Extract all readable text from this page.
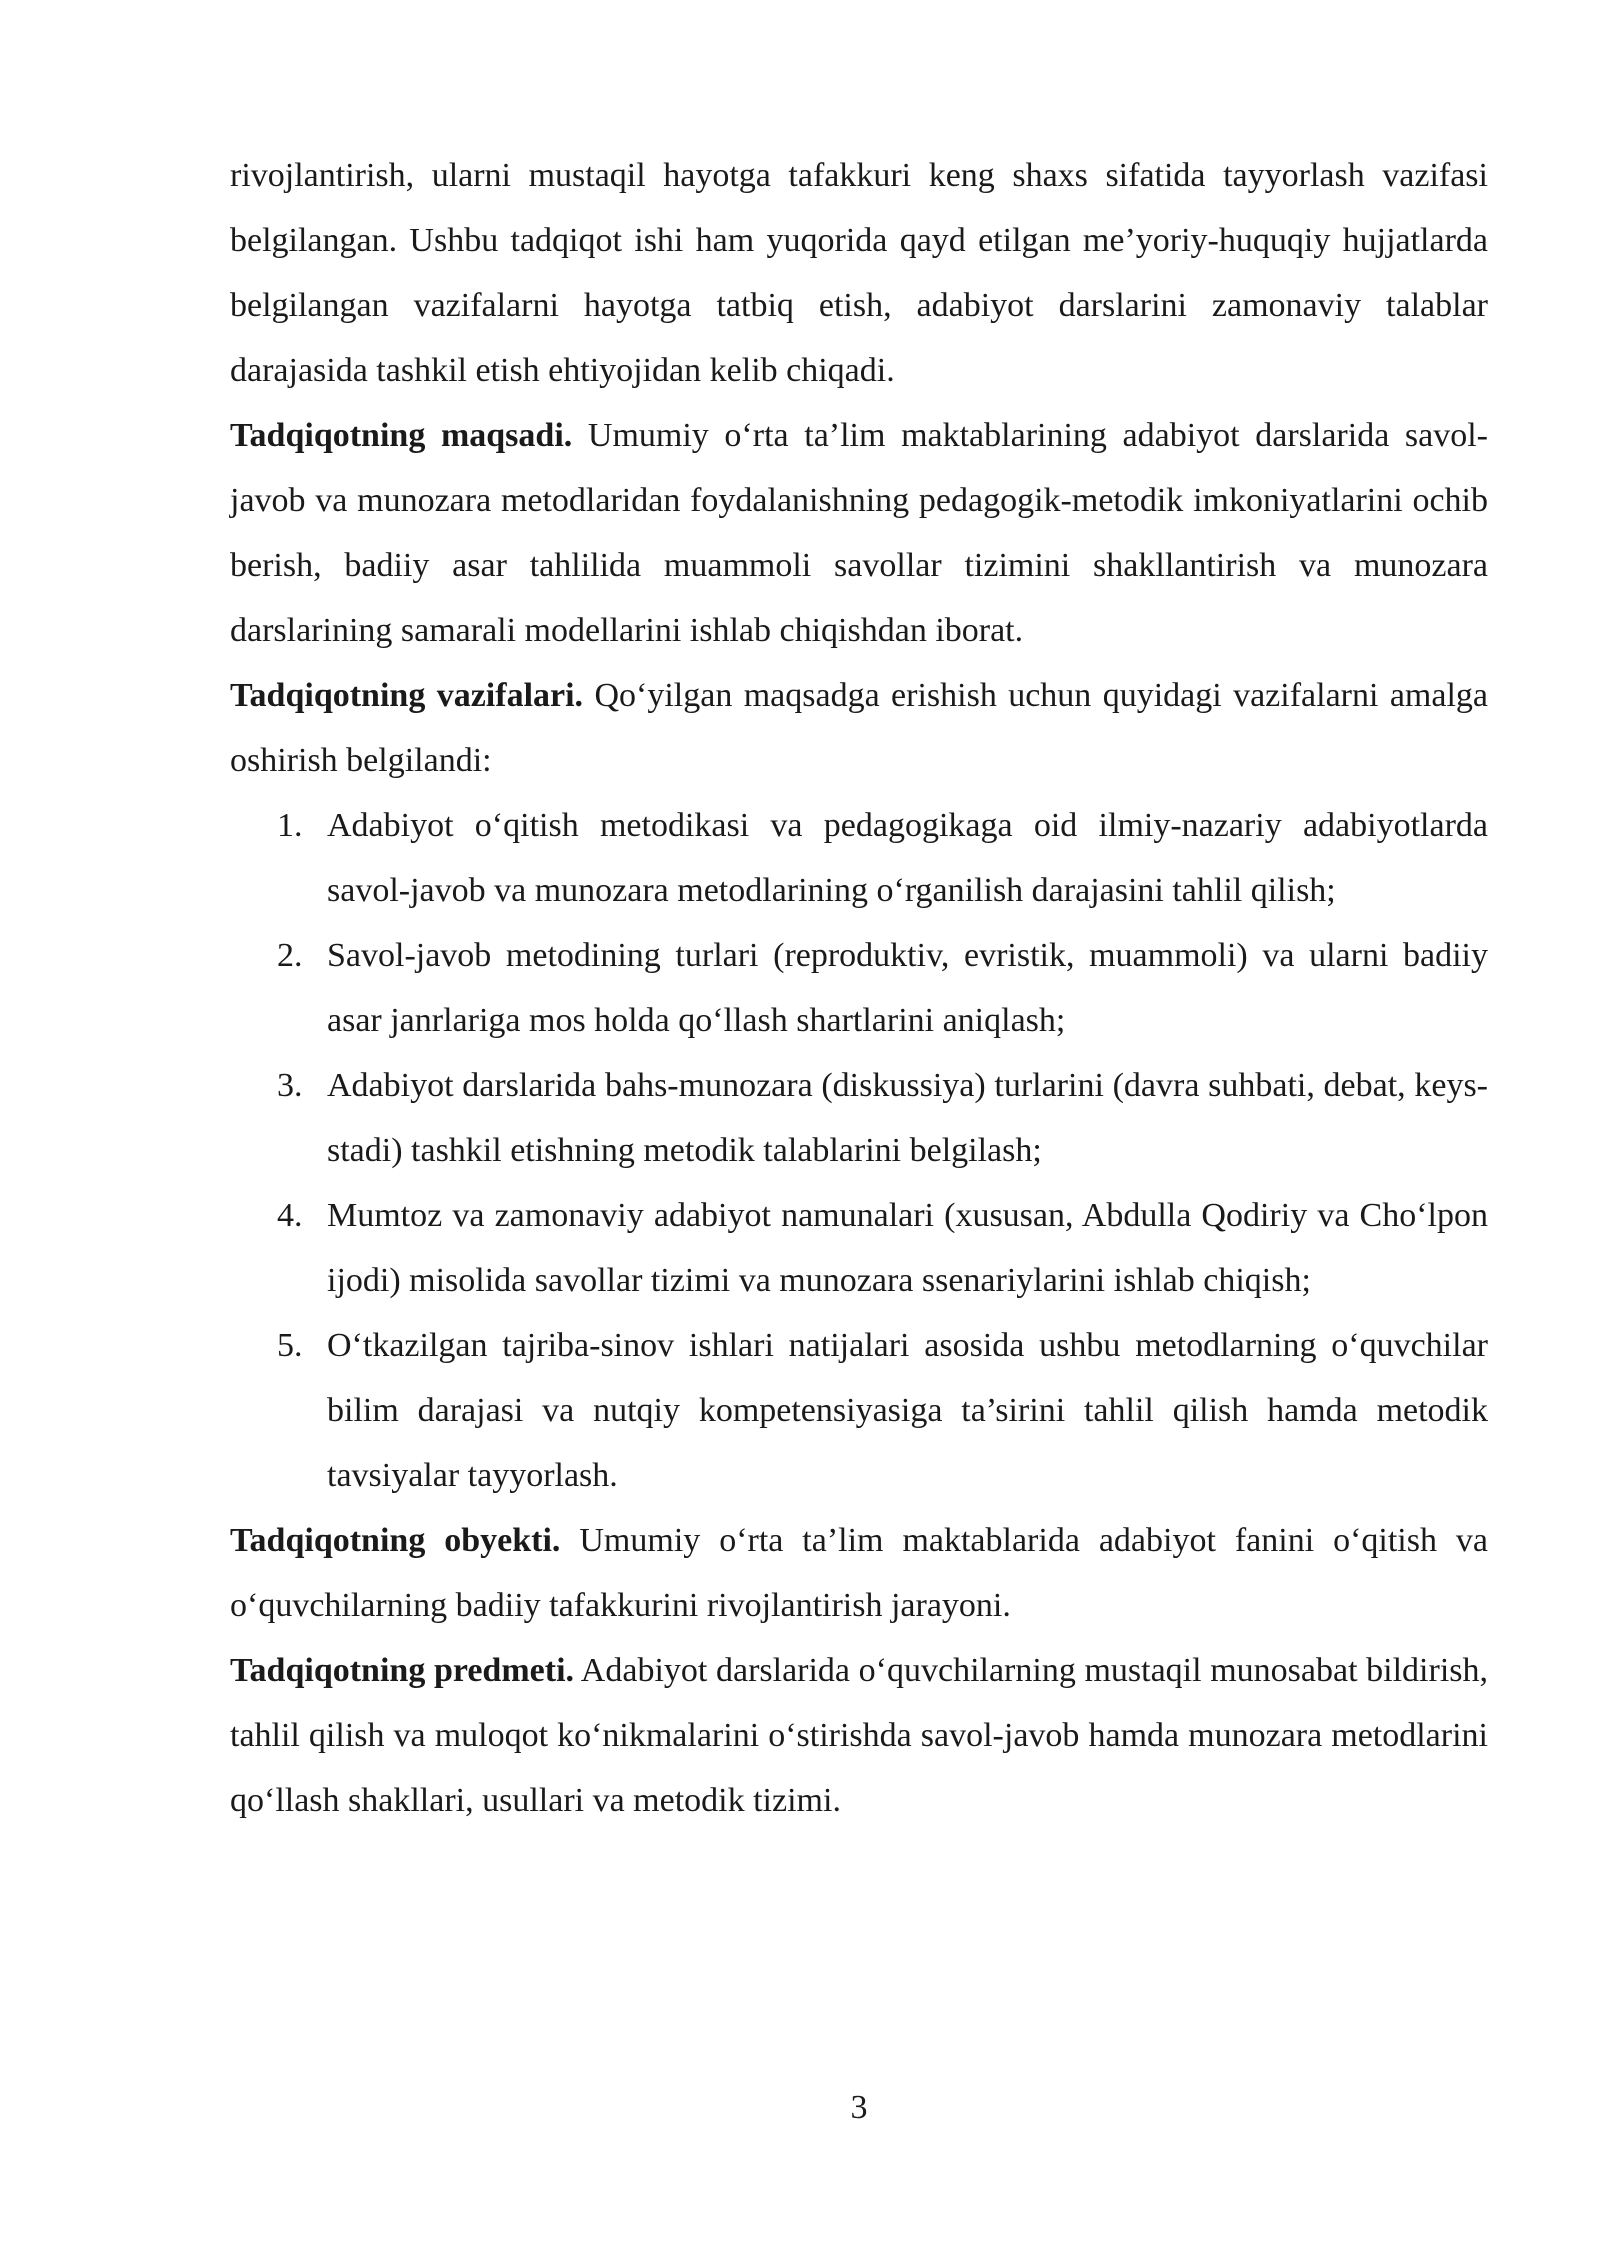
rivojlantirish, ularni mustaqil hayotga tafakkuri keng shaxs sifatida tayyorlash vazifasi belgilangan. Ushbu tadqiqot ishi ham yuqorida qayd etilgan me’yoriy-huquqiy hujjatlarda belgilangan vazifalarni hayotga tatbiq etish, adabiyot darslarini zamonaviy talablar darajasida tashkil etish ehtiyojidan kelib chiqadi.

Tadqiqotning maqsadi. Umumiy o‘rta ta’lim maktablarining adabiyot darslarida savol-javob va munozara metodlaridan foydalanishning pedagogik-metodik imkoniyatlarini ochib berish, badiiy asar tahlilida muammoli savollar tizimini shakllantirish va munozara darslarining samarali modellarini ishlab chiqishdan iborat.

Tadqiqotning vazifalari. Qo‘yilgan maqsadga erishish uchun quyidagi vazifalarni amalga oshirish belgilandi:

1. Adabiyot o‘qitish metodikasi va pedagogikaga oid ilmiy-nazariy adabiyotlarda savol-javob va munozara metodlarining o‘rganilish darajasini tahlil qilish;
2. Savol-javob metodining turlari (reproduktiv, evristik, muammoli) va ularni badiiy asar janrlariga mos holda qo‘llash shartlarini aniqlash;
3. Adabiyot darslarida bahs-munozara (diskussiya) turlarini (davra suhbati, debat, keys-stadi) tashkil etishning metodik talablarini belgilash;
4. Mumtoz va zamonaviy adabiyot namunalari (xususan, Abdulla Qodiriy va Cho‘lpon ijodi) misolida savollar tizimi va munozara ssenariylarini ishlab chiqish;
5. O‘tkazilgan tajriba-sinov ishlari natijalari asosida ushbu metodlarning o‘quvchilar bilim darajasi va nutqiy kompetensiyasiga ta’sirini tahlil qilish hamda metodik tavsiyalar tayyorlash.

Tadqiqotning obyekti. Umumiy o‘rta ta’lim maktablarida adabiyot fanini o‘qitish va o‘quvchilarning badiiy tafakkurini rivojlantirish jarayoni.

Tadqiqotning predmeti. Adabiyot darslarida o‘quvchilarning mustaqil munosabat bildirish, tahlil qilish va muloqot ko‘nikmalarini o‘stirishda savol-javob hamda munozara metodlarini qo‘llash shakllari, usullari va metodik tizimi.

3
